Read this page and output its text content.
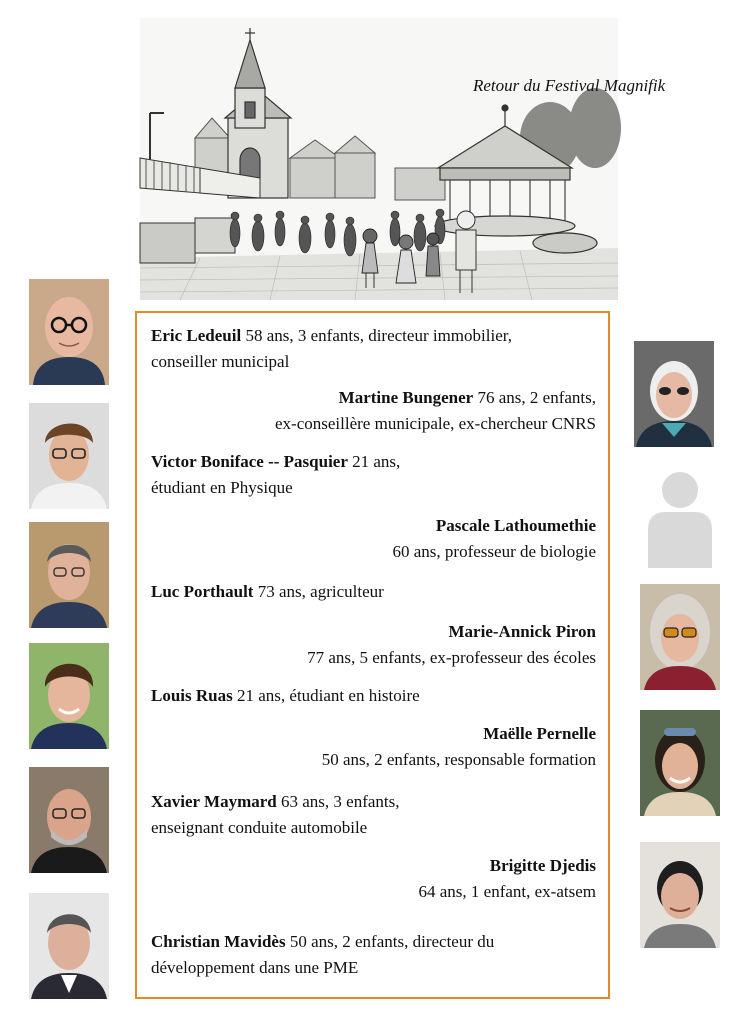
Retour du Festival Magnifik
Eric Ledeuil 58 ans, 3 enfants, directeur immobilier,
conseiller municipal
Martine Bungener 76 ans, 2 enfants,
ex-conseillère municipale, ex-chercheur CNRS
Victor Boniface -- Pasquier 21 ans,
étudiant en Physique
Pascale Lathoumethie
60 ans, professeur de biologie
Luc Porthault 73 ans, agriculteur
Marie-Annick Piron
77 ans, 5 enfants, ex-professeur des écoles
Louis Ruas 21 ans, étudiant en histoire
Maëlle Pernelle
50 ans, 2 enfants, responsable formation
Xavier Maymard 63 ans, 3 enfants,
enseignant conduite automobile
Brigitte Djedis
64 ans, 1 enfant, ex-atsem
Christian Mavidès 50 ans, 2 enfants, directeur du
développement dans une PME
